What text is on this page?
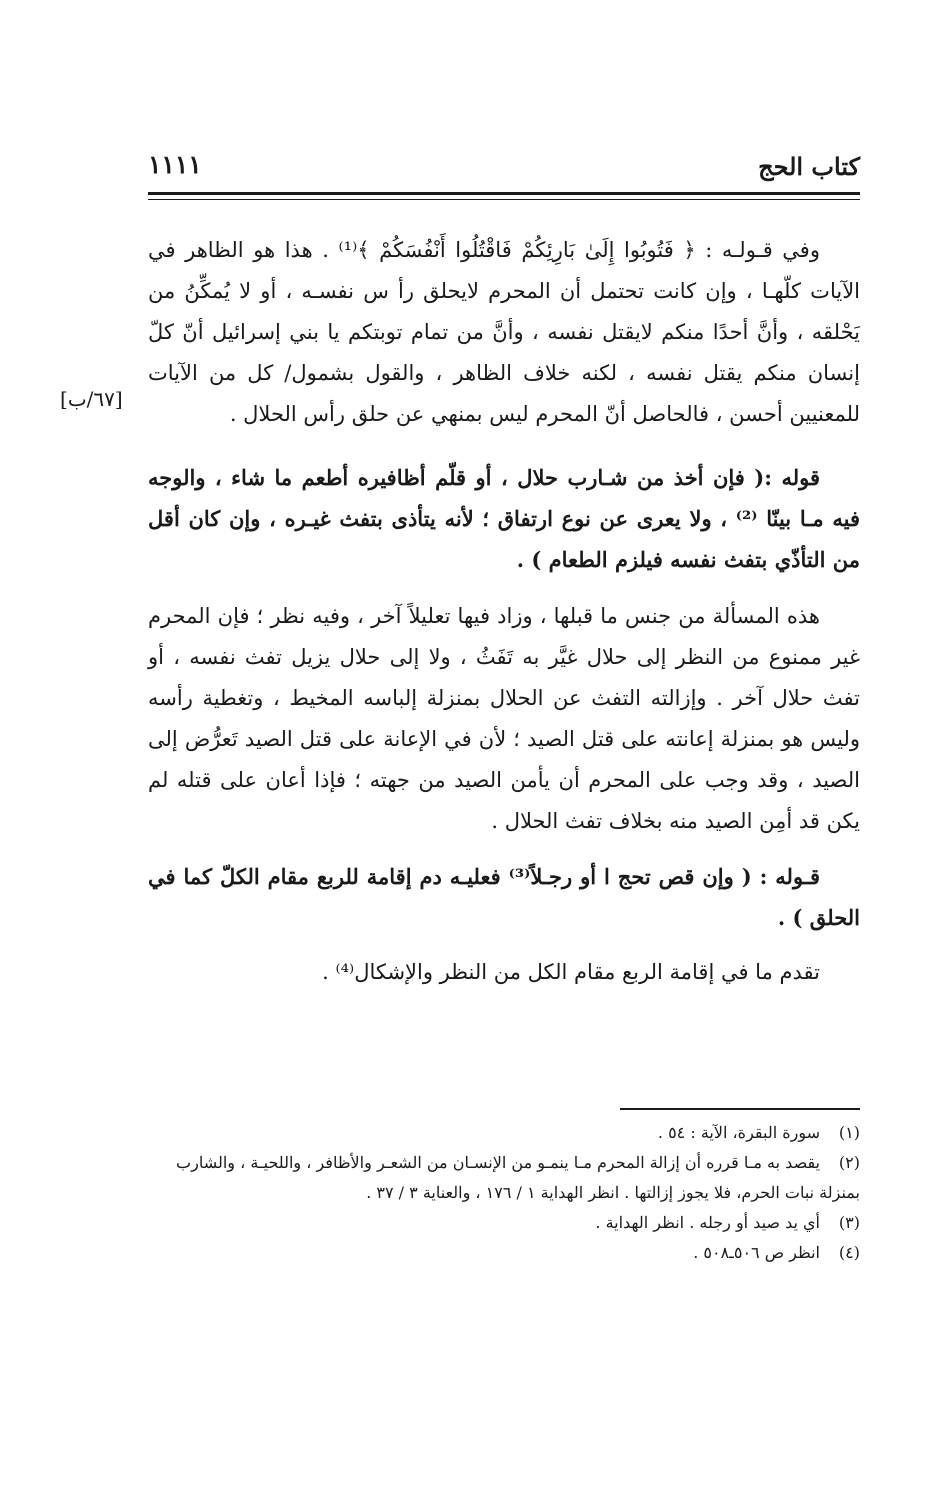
كتاب الحج
١١١١
[٦٧/ب]

وفي قـولـه : ﴿ فَتُوبُوا إِلَىٰ بَارِئِكُمْ فَاقْتُلُوا أَنْفُسَكُمْ ﴾⁽¹⁾ . هذا هو الظاهر في الآيات كلّهـا ، وإن كانت تحتمل أن المحرم لايحلق رأ س نفسـه ، أو لا يُمكِّنُ من يَحْلقه ، وأنَّ أحدًا منكم لايقتل نفسه ، وأنَّ من تمام توبتكم يا بني إسرائيل أنّ كلّ إنسان منكم يقتل نفسه ، لكنه خلاف الظاهر ، والقول بشمول/ كل من الآيات للمعنيين أحسن ، فالحاصل أنّ المحرم ليس بمنهي عن حلق رأس الحلال .

قوله :( فإن أخذ من شـارب حلال ، أو قلّم أظافيره أطعم ما شاء ، والوجه فيه مـا بينّا ⁽²⁾ ، ولا يعرى عن نوع ارتفاق ؛ لأنه يتأذى بتفث غيـره ، وإن كان أقل من التأذّي بتفث نفسه فيلزم الطعام ) .

هذه المسألة من جنس ما قبلها ، وزاد فيها تعليلاً آخر ، وفيه نظر ؛ فإن المحرم غير ممنوع من النظر إلى حلال غيَّر به تَفَثُ ، ولا إلى حلال يزيل تفث نفسه ، أو تفث حلال آخر . وإزالته التفث عن الحلال بمنزلة إلباسه المخيط ، وتغطية رأسه وليس هو بمنزلة إعانته على قتل الصيد ؛ لأن في الإعانة على قتل الصيد تَعرُّض إلى الصيد ، وقد وجب على المحرم أن يأمن الصيد من جهته ؛ فإذا أعان على قتله لم يكن قد أمِن الصيد منه بخلاف تفث الحلال .

قـوله : ( وإن قص تحج ا أو رجـلاً⁽³⁾ فعليـه دم إقامة للربع مقام الكلّ كما في الحلق ) .

تقدم ما في إقامة الربع مقام الكل من النظر والإشكال⁽⁴⁾ .

(١)سورة البقرة، الآية : ٥٤ .

(٢)يقصد به مـا قرره أن إزالة المحرم مـا ينمـو من الإنسـان من الشعـر والأظافر ، واللحيـة ، والشارب بمنزلة نبات الحرم، فلا يجوز إزالتها . انظر الهداية ١ / ١٧٦ ، والعناية ٣ / ٣٧ .

(٣)أي يد صيد أو رجله . انظر الهداية .

(٤)انظر ص ٥٠٦ـ٥٠٨ .
